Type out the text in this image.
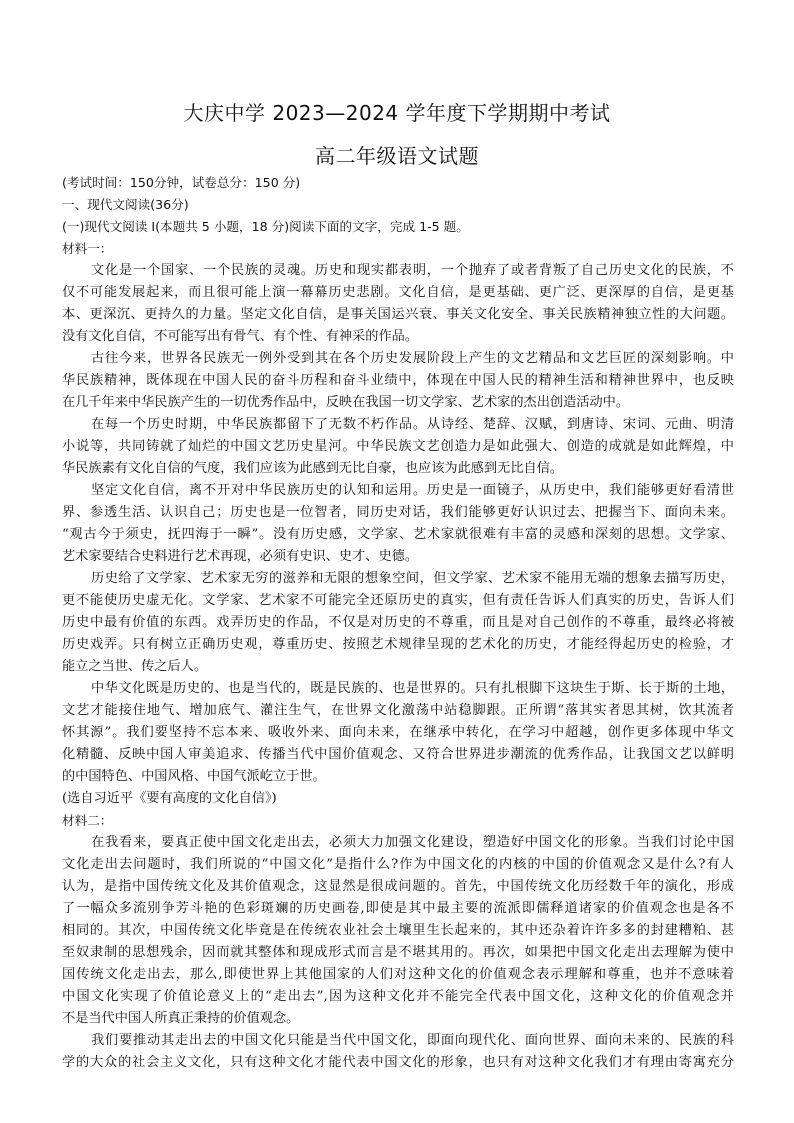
大庆中学 2023—2024 学年度下学期期中考试
高二年级语文试题
(考试时间：150分钟，试卷总分：150 分)
一、现代文阅读(36分)
(一)现代文阅读 I(本题共 5 小题，18 分)阅读下面的文字，完成 1-5 题。
材料一：
文化是一个国家、一个民族的灵魂。历史和现实都表明，一个抛弃了或者背叛了自己历史文化的民族，不
仅不可能发展起来，而且很可能上演一幕幕历史悲剧。文化自信，是更基础、更广泛、更深厚的自信，是更基
本、更深沉、更持久的力量。坚定文化自信，是事关国运兴衰、事关文化安全、事关民族精神独立性的大问题。
没有文化自信，不可能写出有骨气、有个性、有神采的作品。
古往今来，世界各民族无一例外受到其在各个历史发展阶段上产生的文艺精品和文艺巨匠的深刻影响。中
华民族精神，既体现在中国人民的奋斗历程和奋斗业绩中，体现在中国人民的精神生活和精神世界中，也反映
在几千年来中华民族产生的一切优秀作品中，反映在我国一切文学家、艺术家的杰出创造活动中。
在每一个历史时期，中华民族都留下了无数不朽作品。从诗经、楚辞、汉赋，到唐诗、宋词、元曲、明清
小说等，共同铸就了灿烂的中国文艺历史星河。中华民族文艺创造力是如此强大、创造的成就是如此辉煌，中
华民族素有文化自信的气度，我们应该为此感到无比自豪，也应该为此感到无比自信。
坚定文化自信，离不开对中华民族历史的认知和运用。历史是一面镜子，从历史中，我们能够更好看清世
界、参透生活、认识自己；历史也是一位智者，同历史对话，我们能够更好认识过去、把握当下、面向未来。
“观古今于须史，抚四海于一瞬”。没有历史感，文学家、艺术家就很难有丰富的灵感和深刻的思想。文学家、
艺术家要结合史料进行艺术再现，必须有史识、史才、史德。
历史给了文学家、艺术家无穷的滋养和无限的想象空间，但文学家、艺术家不能用无端的想象去描写历史，
更不能使历史虚无化。文学家、艺术家不可能完全还原历史的真实，但有责任告诉人们真实的历史，告诉人们
历史中最有价值的东西。戏弄历史的作品，不仅是对历史的不尊重，而且是对自己创作的不尊重，最终必将被
历史戏弄。只有树立正确历史观，尊重历史、按照艺术规律呈现的艺术化的历史，才能经得起历史的检验，才
能立之当世、传之后人。
中华文化既是历史的、也是当代的，既是民族的、也是世界的。只有扎根脚下这块生于斯、长于斯的土地，
文艺才能接住地气、增加底气、灌注生气，在世界文化激荡中站稳脚跟。正所谓“落其实者思其树，饮其流者
怀其源”。我们要坚持不忘本来、吸收外来、面向未来，在继承中转化，在学习中超越，创作更多体现中华文
化精髓、反映中国人审美追求、传播当代中国价值观念、又符合世界进步潮流的优秀作品，让我国文艺以鲜明
的中国特色、中国风格、中国气派屹立于世。
(选自习近平《要有高度的文化自信》)
材料二：
在我看来，要真正使中国文化走出去，必须大力加强文化建设，塑造好中国文化的形象。当我们讨论中国
文化走出去问题时，我们所说的“中国文化”是指什么?作为中国文化的内核的中国的价值观念又是什么?有人
认为，是指中国传统文化及其价值观念，这显然是很成问题的。首先，中国传统文化历经数千年的演化，形成
了一幅众多流别争芳斗艳的色彩斑斓的历史画卷,即使是其中最主要的流派即儒释道诸家的价值观念也是各不
相同的。其次，中国传统文化毕竟是在传统农业社会土壤里生长起来的，其中还杂着许许多多的封建糟粕、甚
至奴隶制的思想残余，因而就其整体和现成形式而言是不堪其用的。再次，如果把中国文化走出去理解为使中
国传统文化走出去，那么,即使世界上其他国家的人们对这种文化的价值观念表示理解和尊重，也并不意味着
中国文化实现了价值论意义上的“走出去”,因为这种文化并不能完全代表中国文化，这种文化的价值观念并
不是当代中国人所真正秉持的价值观念。
我们要推动其走出去的中国文化只能是当代中国文化，即面向现代化、面向世界、面向未来的、民族的科
学的大众的社会主义文化，只有这种文化才能代表中国文化的形象，也只有对这种文化我们才有理由寄寓充分
